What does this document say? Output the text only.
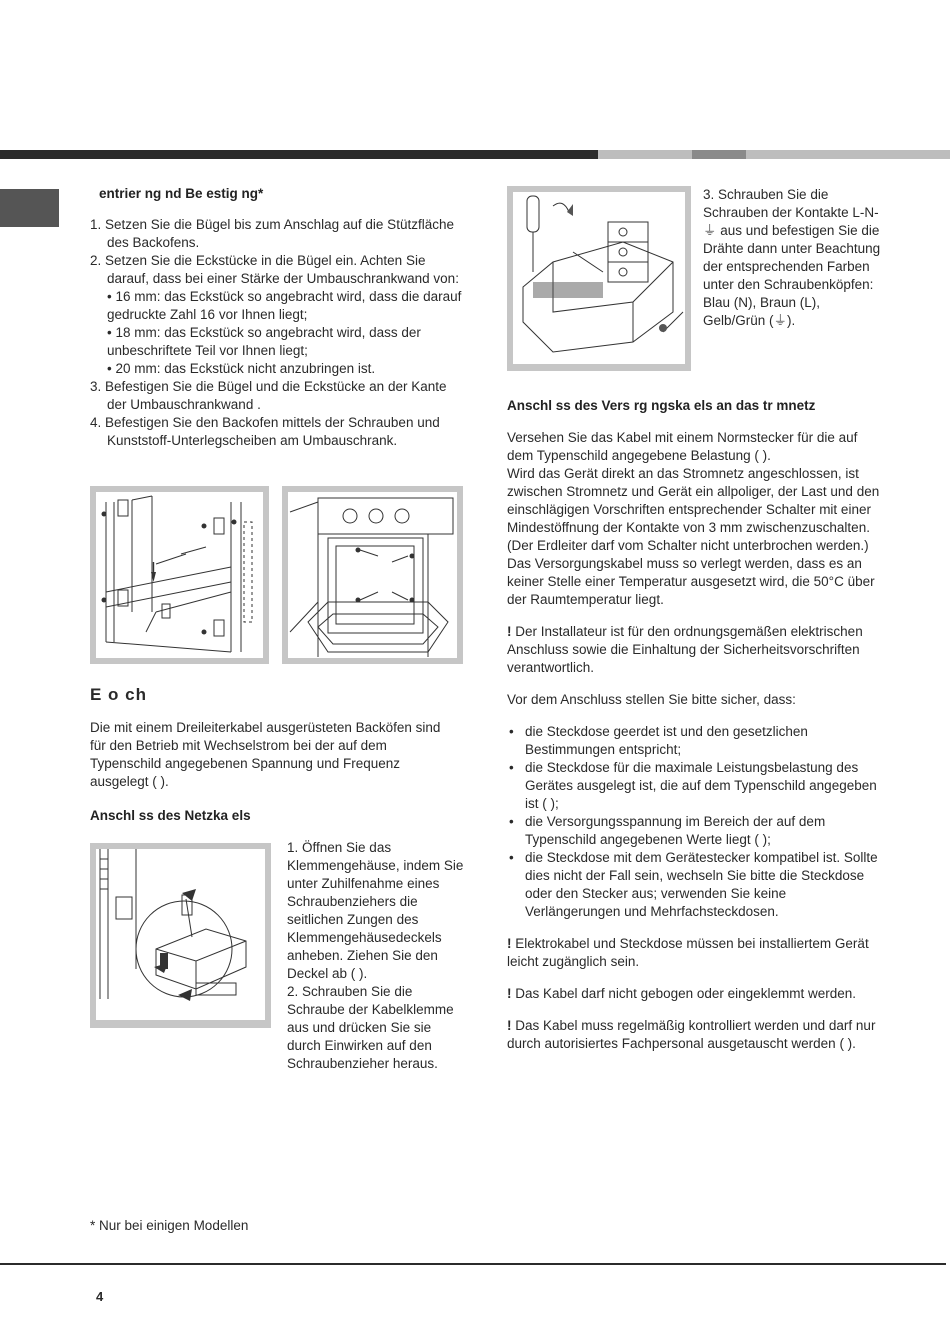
entrier ng nd Be estig ng*
1. Setzen Sie die Bügel bis zum Anschlag auf die Stützfläche des Backofens.
2. Setzen Sie die Eckstücke in die Bügel ein. Achten Sie darauf, dass bei einer Stärke der Umbauschrankwand von:
• 16 mm: das Eckstück so angebracht wird, dass die darauf gedruckte Zahl 16 vor Ihnen liegt;
• 18 mm: das Eckstück so angebracht wird, dass der unbeschriftete Teil vor Ihnen liegt;
• 20 mm: das Eckstück nicht anzubringen ist.
3. Befestigen Sie die Bügel und die Eckstücke an der Kante der Umbauschrankwand .
4. Befestigen Sie den Backofen mittels der Schrauben und Kunststoff-Unterlegscheiben am Umbauschrank.
E o ch
Die mit einem Dreileiterkabel ausgerüsteten Backöfen sind für den Betrieb mit Wechselstrom bei der auf dem Typenschild angegebenen Spannung und Frequenz ausgelegt ( ).
Anschl ss des Netzka els
1. Öffnen Sie das Klemmengehäuse, indem Sie unter Zuhilfenahme eines Schraubenziehers die seitlichen Zungen des Klemmengehäusedeckels anheben. Ziehen Sie den Deckel ab ( ).
2. Schrauben Sie die Schraube der Kabelklemme aus und drücken Sie sie durch Einwirken auf den Schraubenzieher heraus.
* Nur bei einigen Modellen
3. Schrauben Sie die Schrauben der Kontakte L-N-⏚ aus und befestigen Sie die Drähte dann unter Beachtung der entsprechenden Farben unter den Schraubenköpfen: Blau (N), Braun (L), Gelb/Grün (⏚).
Anschl ss des Vers rg ngska els an das tr mnetz
Versehen Sie das Kabel mit einem Normstecker für die auf dem Typenschild angegebene Belastung ( ).
Wird das Gerät direkt an das Stromnetz angeschlossen, ist zwischen Stromnetz und Gerät ein allpoliger, der Last und den einschlägigen Vorschriften entsprechender Schalter mit einer Mindestöffnung der Kontakte von 3 mm zwischenzuschalten. (Der Erdleiter darf vom Schalter nicht unterbrochen werden.) Das Versorgungskabel muss so verlegt werden, dass es an keiner Stelle einer Temperatur ausgesetzt wird, die 50°C über der Raumtemperatur liegt.
! Der Installateur ist für den ordnungsgemäßen elektrischen Anschluss sowie die Einhaltung der Sicherheitsvorschriften verantwortlich.
Vor dem Anschluss stellen Sie bitte sicher, dass:
• die Steckdose geerdet ist und den gesetzlichen Bestimmungen entspricht;
• die Steckdose für die maximale Leistungsbelastung des Gerätes ausgelegt ist, die auf dem Typenschild angegeben ist ( );
• die Versorgungsspannung im Bereich der auf dem Typenschild angegebenen Werte liegt ( );
• die Steckdose mit dem Gerätestecker kompatibel ist. Sollte dies nicht der Fall sein, wechseln Sie bitte die Steckdose oder den Stecker aus; verwenden Sie keine Verlängerungen und Mehrfachsteckdosen.
! Elektrokabel und Steckdose müssen bei installiertem Gerät leicht zugänglich sein.
! Das Kabel darf nicht gebogen oder eingeklemmt werden.
! Das Kabel muss regelmäßig kontrolliert werden und darf nur durch autorisiertes Fachpersonal ausgetauscht werden ( ).
4
